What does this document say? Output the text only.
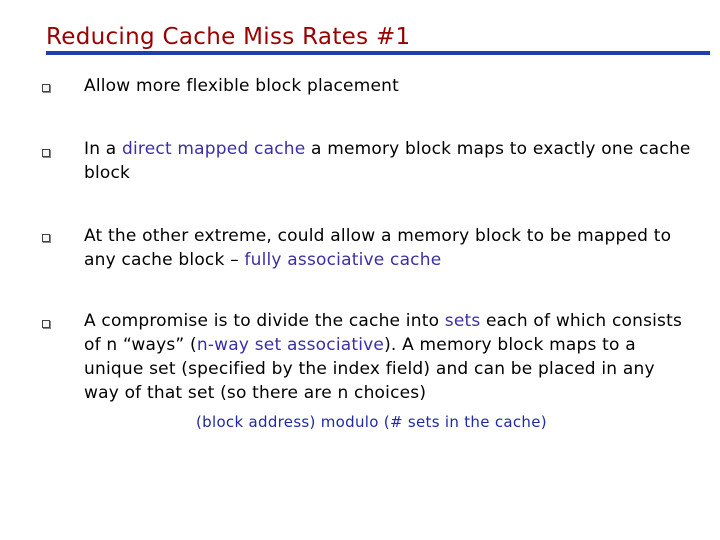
Reducing Cache Miss Rates #1
Allow more flexible block placement
In a direct mapped cache a memory block maps to exactly one cache block
At the other extreme, could allow a memory block to be mapped to any cache block – fully associative cache
A compromise is to divide the cache into sets each of which consists of n “ways” (n-way set associative). A memory block maps to a unique set (specified by the index field) and can be placed in any way of that set (so there are n choices)
(block address) modulo (# sets in the cache)
